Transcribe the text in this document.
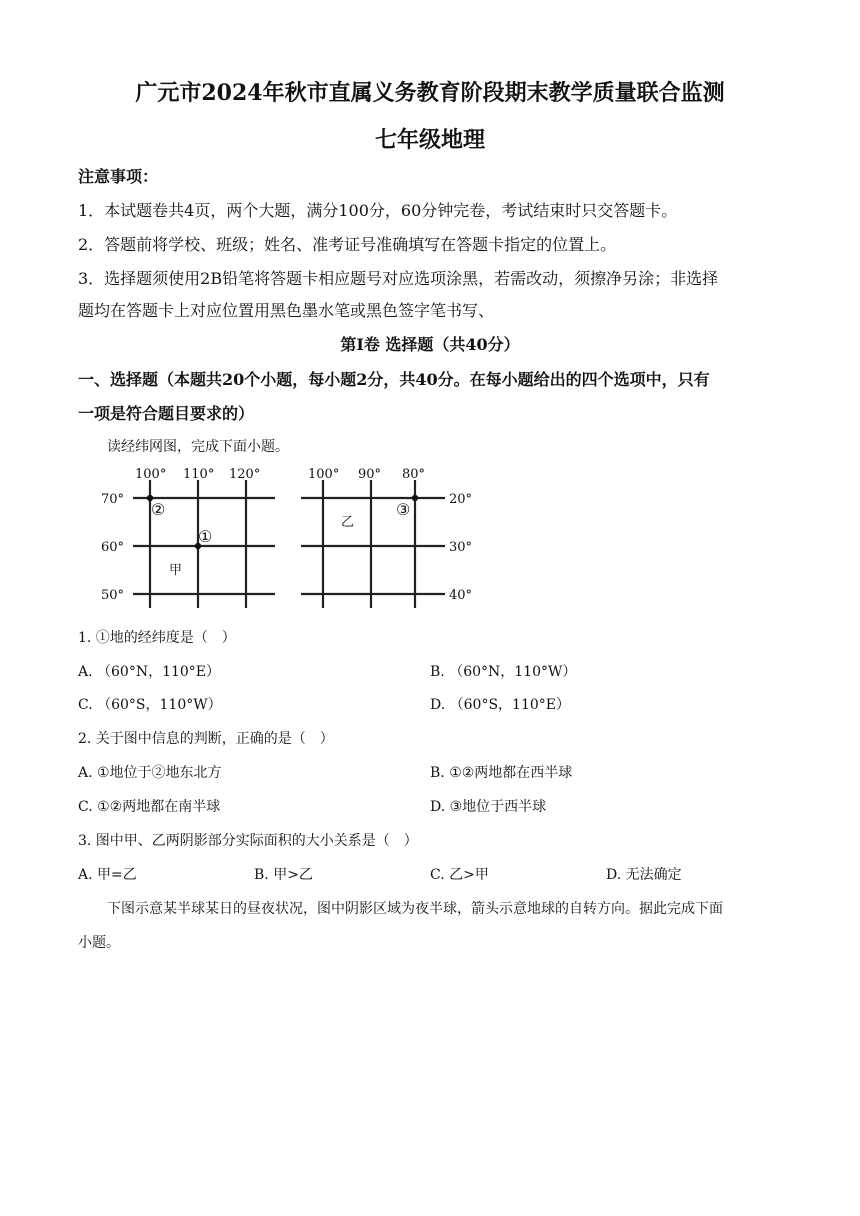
广元市2024年秋市直属义务教育阶段期末教学质量联合监测
七年级地理
注意事项：
1．本试题卷共4页，两个大题，满分100分，60分钟完卷，考试结束时只交答题卡。
2．答题前将学校、班级；姓名、准考证号准确填写在答题卡指定的位置上。
3．选择题须使用2B铅笔将答题卡相应题号对应选项涂黑，若需改动，须擦净另涂；非选择
题均在答题卡上对应位置用黑色墨水笔或黑色签字笔书写、
第Ⅰ卷 选择题（共40分）
一、选择题（本题共20个小题，每小题2分，共40分。在每小题给出的四个选项中，只有
一项是符合题目要求的）
读经纬网图，完成下面小题。
100° 110° 120°
70°
60°
50°
②
①
甲
100° 90° 80°
20°
30°
40°
③
乙
1. ①地的经纬度是（　）
A. （60°N，110°E）	B. （60°N，110°W）
C. （60°S，110°W）	D. （60°S，110°E）
2. 关于图中信息的判断，正确的是（　）
A. ①地位于②地东北方	B. ①②两地都在西半球
C. ①②两地都在南半球	D. ③地位于西半球
3. 图中甲、乙两阴影部分实际面积的大小关系是（　）
A. 甲=乙	B. 甲>乙	C. 乙>甲	D. 无法确定
下图示意某半球某日的昼夜状况，图中阴影区域为夜半球，箭头示意地球的自转方向。据此完成下面
小题。
